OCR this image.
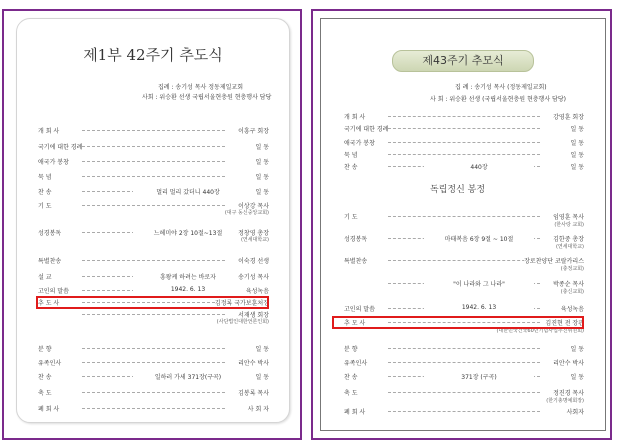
제1부 42주기 추도식
집례 : 송기성 목사 정동제일교회
사회 : 위승환 선생 국립서울현충원 현충행사 담당
제43주기 추모식
집 례 : 송기성 목사 (정동제일교회)
사 회 : 위승환 선생 (국립서울현충원 현충행사 담당)
독립정신 봉정
개 회 사	이흥구 회장
국기에 대한 경례	일 동
애국가 봉창	일 동
묵 념	일 동
찬 송	멀리 멀리 갔더니 440장	일 동
기 도	이상강 목사
(대구 동신중앙교회)
성경봉독	느헤미야 2장 10절~13절	정창영 총장
(연세대학교)
특별찬송	이숙경 선생
설 교	흥왕케 하려는 바로자	송기성 목사
고인의 말씀	1942. 6. 13	육성녹음
추 도 사	김정록 국가보훈처장
서재생 회장
(사단법인대한언론인회)
분 향	일 동
유족인사	리안수 박사
찬 송	일하러 가세 371장(구곡)	일 동
축 도	김봉록 목사
폐 회 사	사 회 자
개 회 사	강영훈 회장
국기에 대한 경례	일 동
애국가 봉창	일 동
묵 념	일 동
찬 송	440장	일 동
기 도	임영훈 목사
(한사랑 교회)
성경봉독	마태복음 6장 9절 ~ 10절	김한중 총장
(연세대학교)
특별찬송	장로찬양단 코랄카리스
(충정교회)
"이 나라와 그 나라"	박종순 목사
(충신교회)
고인의 말씀	1942. 6. 13	육성녹음
추 모 사	김진현 전 장관
(대한민국건국60년기념사업추진위원회)
분 향	일 동
유족인사	리안수 박사
찬 송	371장 (구곡)	일 동
축 도	정진경 목사
(한기총명예회장)
폐 회 사	사회자
